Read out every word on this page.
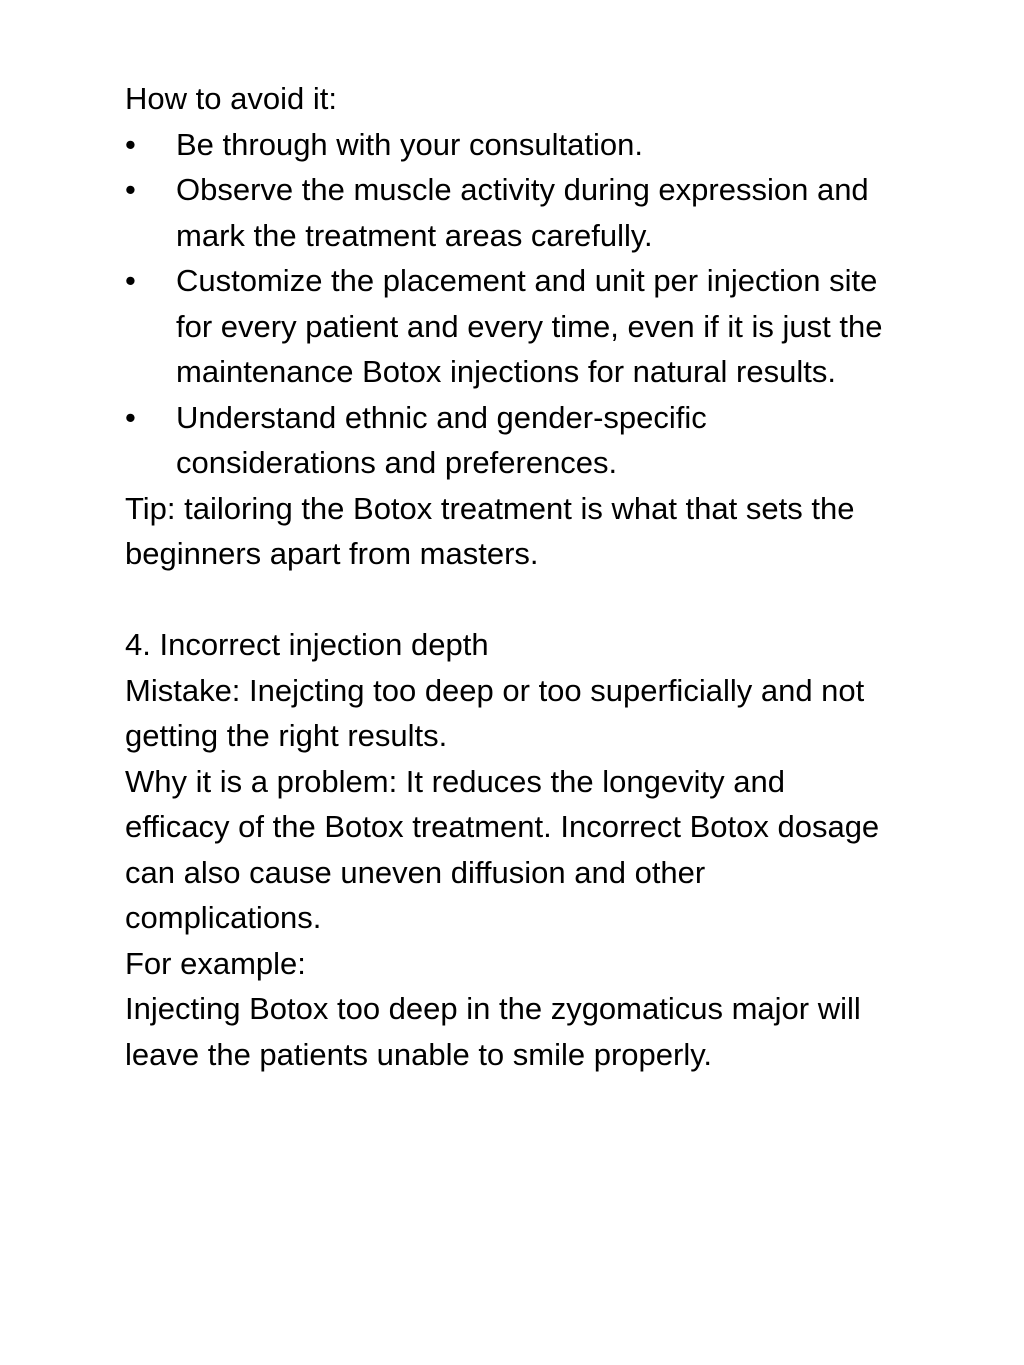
How to avoid it:

• Be through with your consultation.
• Observe the muscle activity during expression and mark the treatment areas carefully.
• Customize the placement and unit per injection site for every patient and every time, even if it is just the maintenance Botox injections for natural results.
• Understand ethnic and gender-specific considerations and preferences.

Tip: tailoring the Botox treatment is what that sets the beginners apart from masters.

4. Incorrect injection depth

Mistake: Inejcting too deep or too superficially and not getting the right results.

Why it is a problem: It reduces the longevity and efficacy of the Botox treatment. Incorrect Botox dosage can also cause uneven diffusion and other complications.

For example:

Injecting Botox too deep in the zygomaticus major will leave the patients unable to smile properly.
